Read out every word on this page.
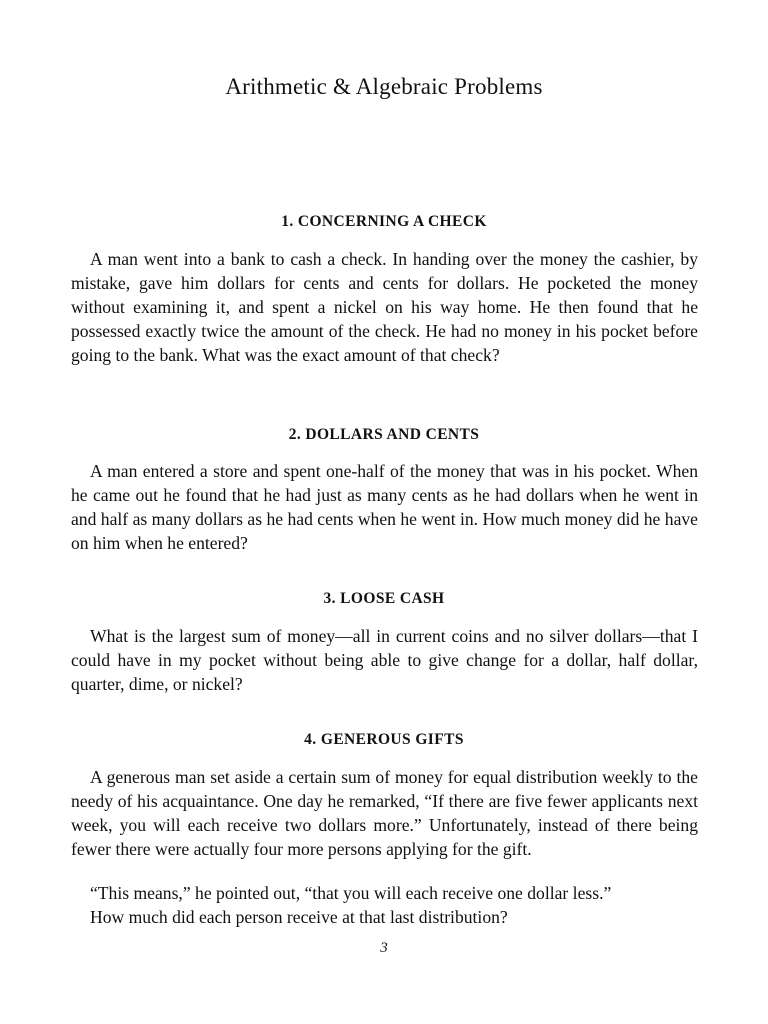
Arithmetic & Algebraic Problems
1. CONCERNING A CHECK

A man went into a bank to cash a check. In handing over the money the cashier, by mistake, gave him dollars for cents and cents for dollars. He pocketed the money without examining it, and spent a nickel on his way home. He then found that he possessed exactly twice the amount of the check. He had no money in his pocket before going to the bank. What was the exact amount of that check?

2. DOLLARS AND CENTS

A man entered a store and spent one-half of the money that was in his pocket. When he came out he found that he had just as many cents as he had dollars when he went in and half as many dollars as he had cents when he went in. How much money did he have on him when he entered?

3. LOOSE CASH

What is the largest sum of money—all in current coins and no silver dollars—that I could have in my pocket without being able to give change for a dollar, half dollar, quarter, dime, or nickel?

4. GENEROUS GIFTS

A generous man set aside a certain sum of money for equal distribution weekly to the needy of his acquaintance. One day he remarked, “If there are five fewer applicants next week, you will each receive two dollars more.” Unfortunately, instead of there being fewer there were actually four more persons applying for the gift.

“This means,” he pointed out, “that you will each receive one dollar less.”

How much did each person receive at that last distribution?

3
